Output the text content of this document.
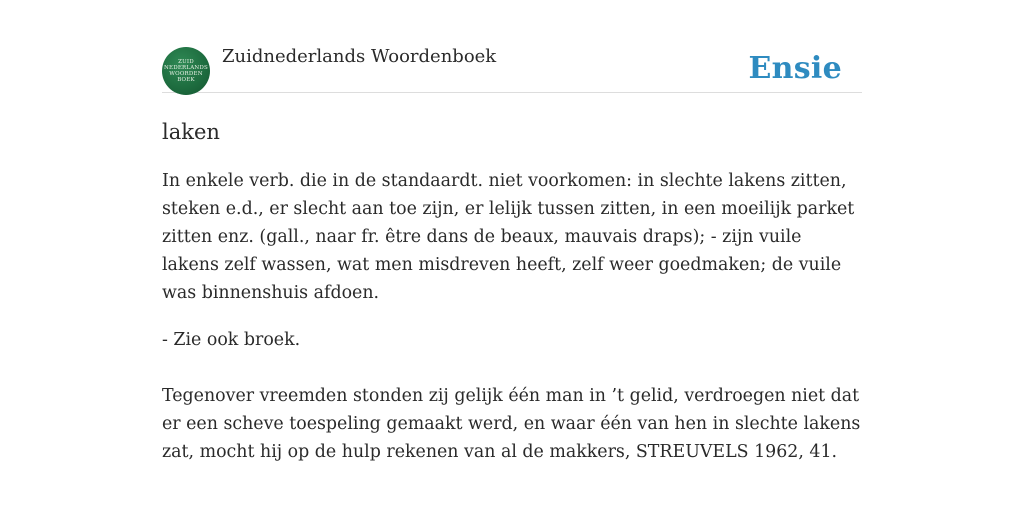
ZUID
NEDERLANDS
WOORDEN
BOEK
Zuidnederlands Woordenboek	Ensie
laken
In enkele verb. die in de standaardt. niet voorkomen: in slechte lakens zitten, steken e.d., er slecht aan toe zijn, er lelijk tussen zitten, in een moeilijk parket zitten enz. (gall., naar fr. être dans de beaux, mauvais draps); - zijn vuile lakens zelf wassen, wat men misdreven heeft, zelf weer goedmaken; de vuile was binnenshuis afdoen.
- Zie ook broek.
Tegenover vreemden stonden zij gelijk één man in ’t gelid, verdroegen niet dat er een scheve toespeling gemaakt werd, en waar één van hen in slechte lakens zat, mocht hij op de hulp rekenen van al de makkers, STREUVELS 1962, 41.
